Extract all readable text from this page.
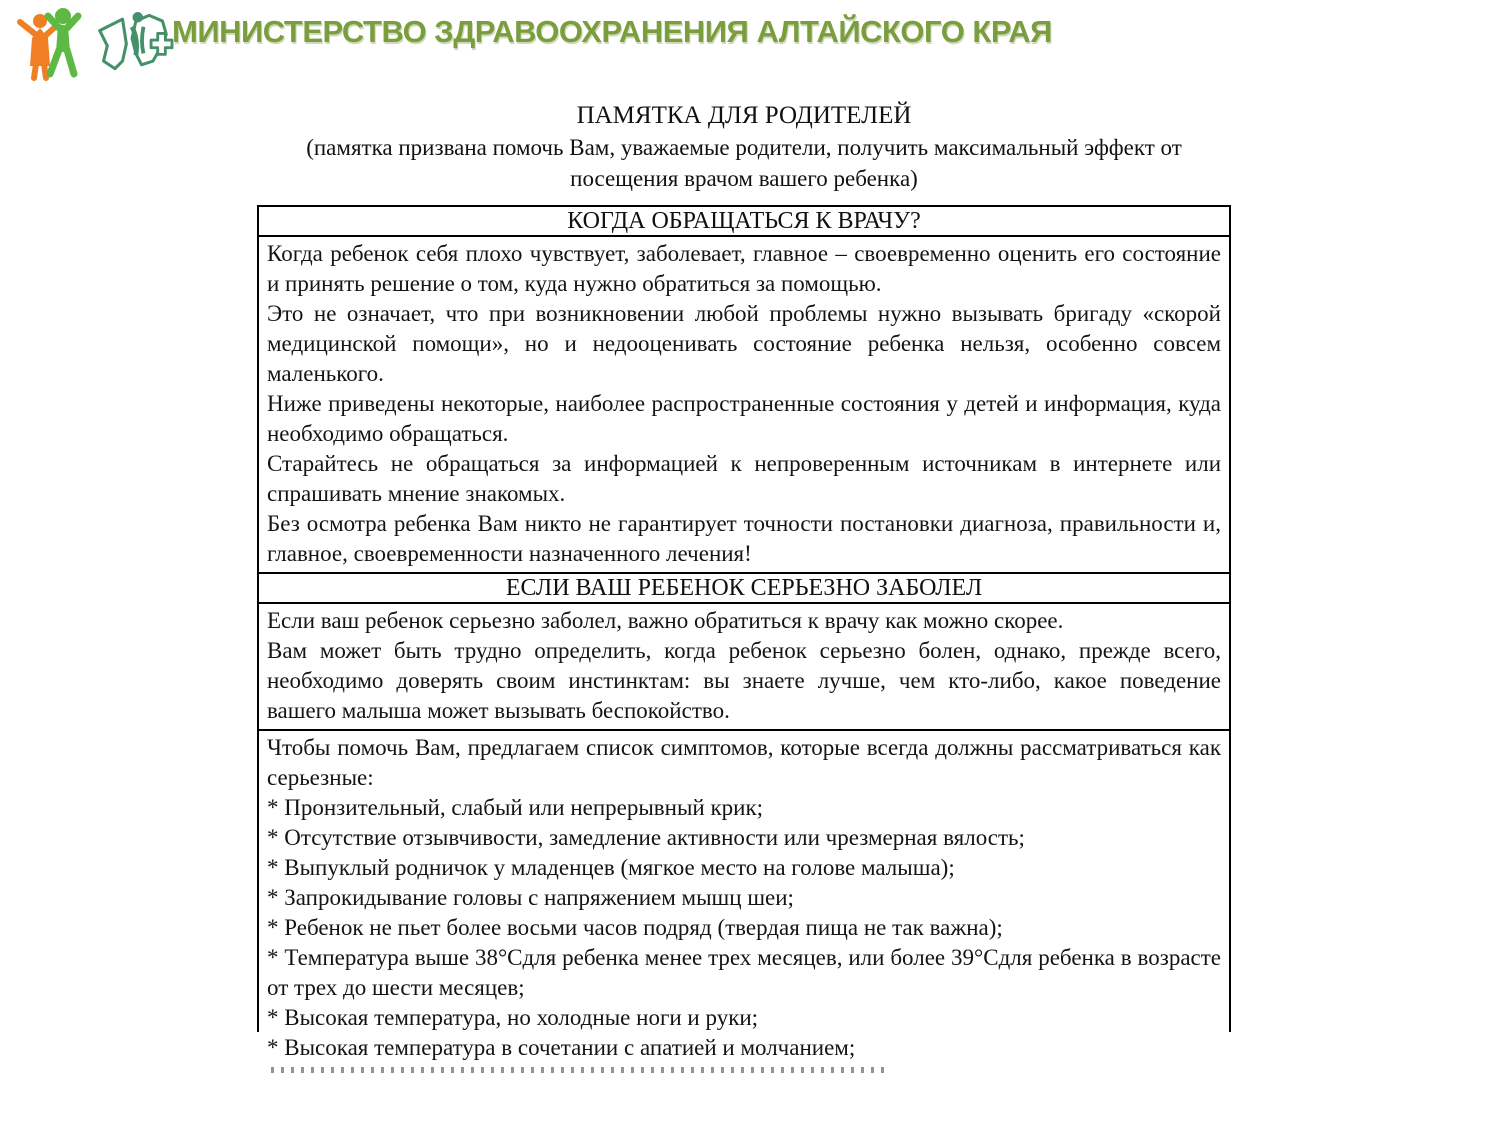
МИНИСТЕРСТВО ЗДРАВООХРАНЕНИЯ АЛТАЙСКОГО КРАЯ
ПАМЯТКА ДЛЯ РОДИТЕЛЕЙ
(памятка призвана помочь Вам, уважаемые родители, получить максимальный эффект от посещения врачом вашего ребенка)
КОГДА ОБРАЩАТЬСЯ К ВРАЧУ?

Когда ребенок себя плохо чувствует, заболевает, главное – своевременно оценить его состояние и принять решение о том, куда нужно обратиться за помощью.

Это не означает, что при возникновении любой проблемы нужно вызывать бригаду «скорой медицинской помощи», но и недооценивать состояние ребенка нельзя, особенно совсем маленького.

Ниже приведены некоторые, наиболее распространенные состояния у детей и информация, куда необходимо обращаться.

Старайтесь не обращаться за информацией к непроверенным источникам в интернете или спрашивать мнение знакомых.

Без осмотра ребенка Вам никто не гарантирует точности постановки диагноза, правильности и, главное, своевременности назначенного лечения!

ЕСЛИ ВАШ РЕБЕНОК СЕРЬЕЗНО ЗАБОЛЕЛ

Если ваш ребенок серьезно заболел, важно обратиться к врачу как можно скорее.

Вам может быть трудно определить, когда ребенок серьезно болен, однако, прежде всего, необходимо доверять своим инстинктам: вы знаете лучше, чем кто-либо, какое поведение вашего малыша может вызывать беспокойство.

Чтобы помочь Вам, предлагаем список симптомов, которые всегда должны рассматриваться как серьезные:

* Пронзительный, слабый или непрерывный крик;

* Отсутствие отзывчивости, замедление активности или чрезмерная вялость;

* Выпуклый родничок у младенцев (мягкое место на голове малыша);

* Запрокидывание головы с напряжением мышц шеи;

* Ребенок не пьет более восьми часов подряд (твердая пища не так важна);

* Температура выше 38°Сдля ребенка менее трех месяцев, или более 39°Сдля ребенка в возрасте от трех до шести месяцев;

* Высокая температура, но холодные ноги и руки;

* Высокая температура в сочетании с апатией и молчанием;
